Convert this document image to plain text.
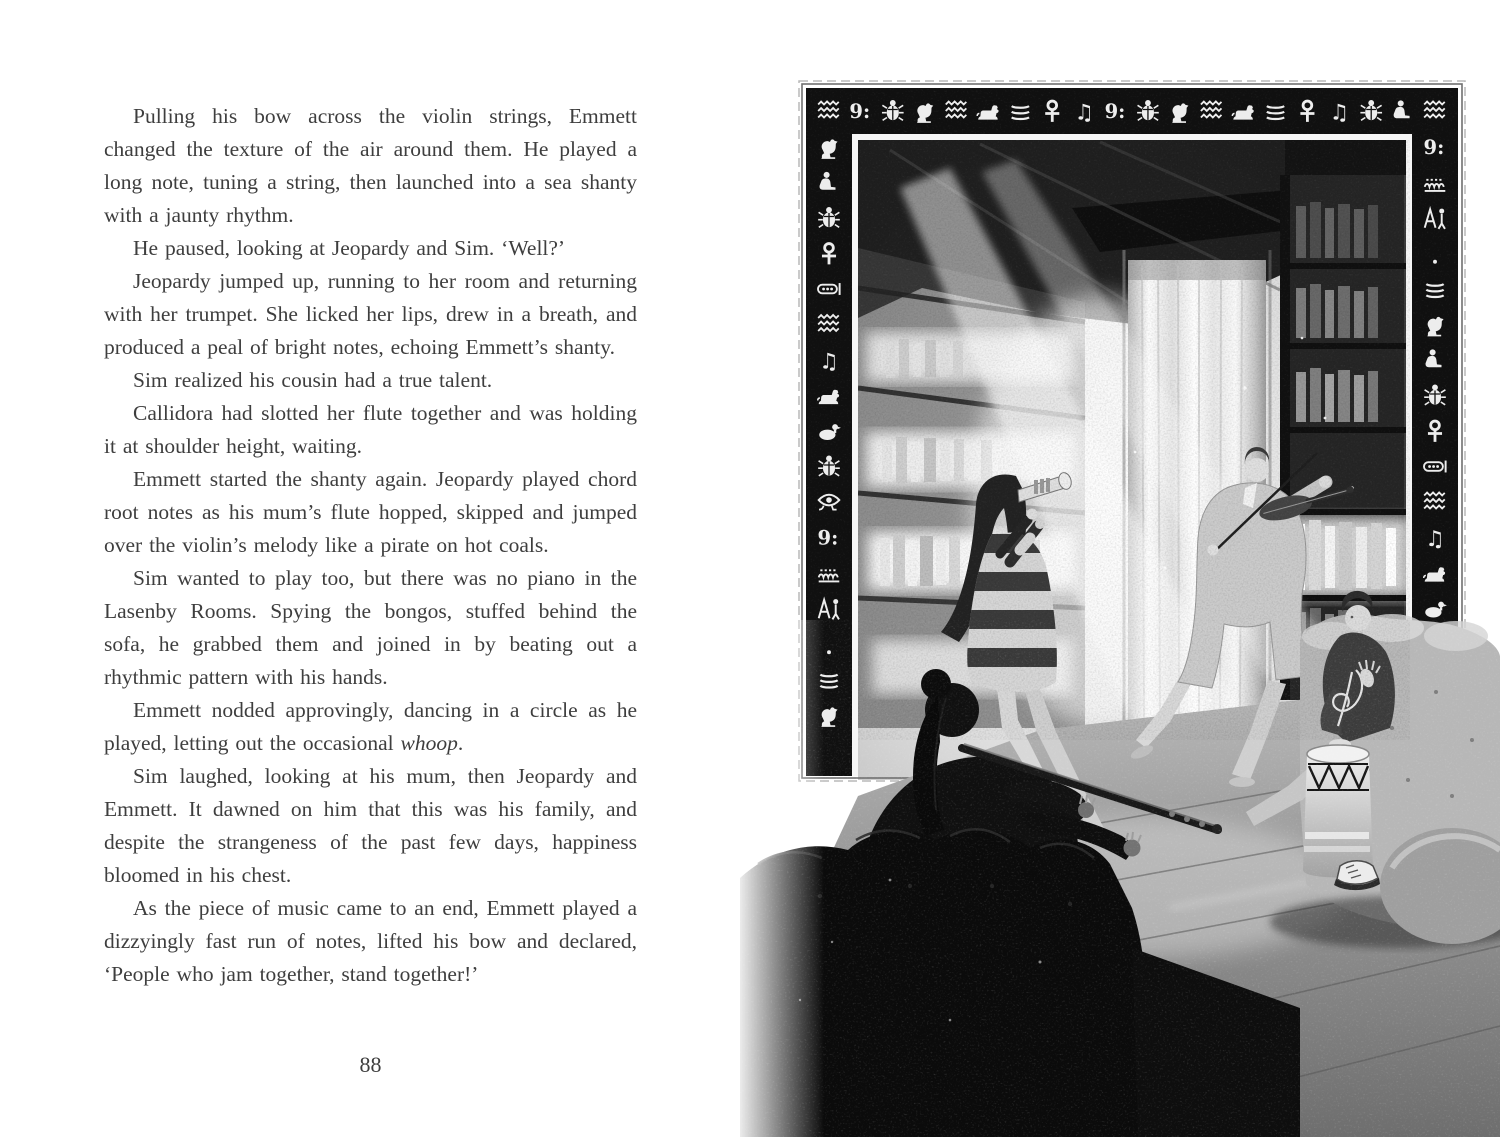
Pulling his bow across the violin strings, Emmett changed the texture of the air around them. He played a long note, tuning a string, then launched into a sea shanty with a jaunty rhythm.

He paused, looking at Jeopardy and Sim. ‘Well?’

Jeopardy jumped up, running to her room and returning with her trumpet. She licked her lips, drew in a breath, and produced a peal of bright notes, echoing Emmett’s shanty.

Sim realized his cousin had a true talent.

Callidora had slotted her flute together and was holding it at shoulder height, waiting.

Emmett started the shanty again. Jeopardy played chord root notes as his mum’s flute hopped, skipped and jumped over the violin’s melody like a pirate on hot coals.

Sim wanted to play too, but there was no piano in the Lasenby Rooms. Spying the bongos, stuffed behind the sofa, he grabbed them and joined in by beating out a rhythmic pattern with his hands.

Emmett nodded approvingly, dancing in a circle as he played, letting out the occasional whoop.

Sim laughed, looking at his mum, then Jeopardy and Emmett. It dawned on him that this was his family, and despite the strangeness of the past few days, happiness bloomed in his chest.

As the piece of music came to an end, Emmett played a dizzyingly fast run of notes, lifted his bow and declared, ‘People who jam together, stand together!’

88
